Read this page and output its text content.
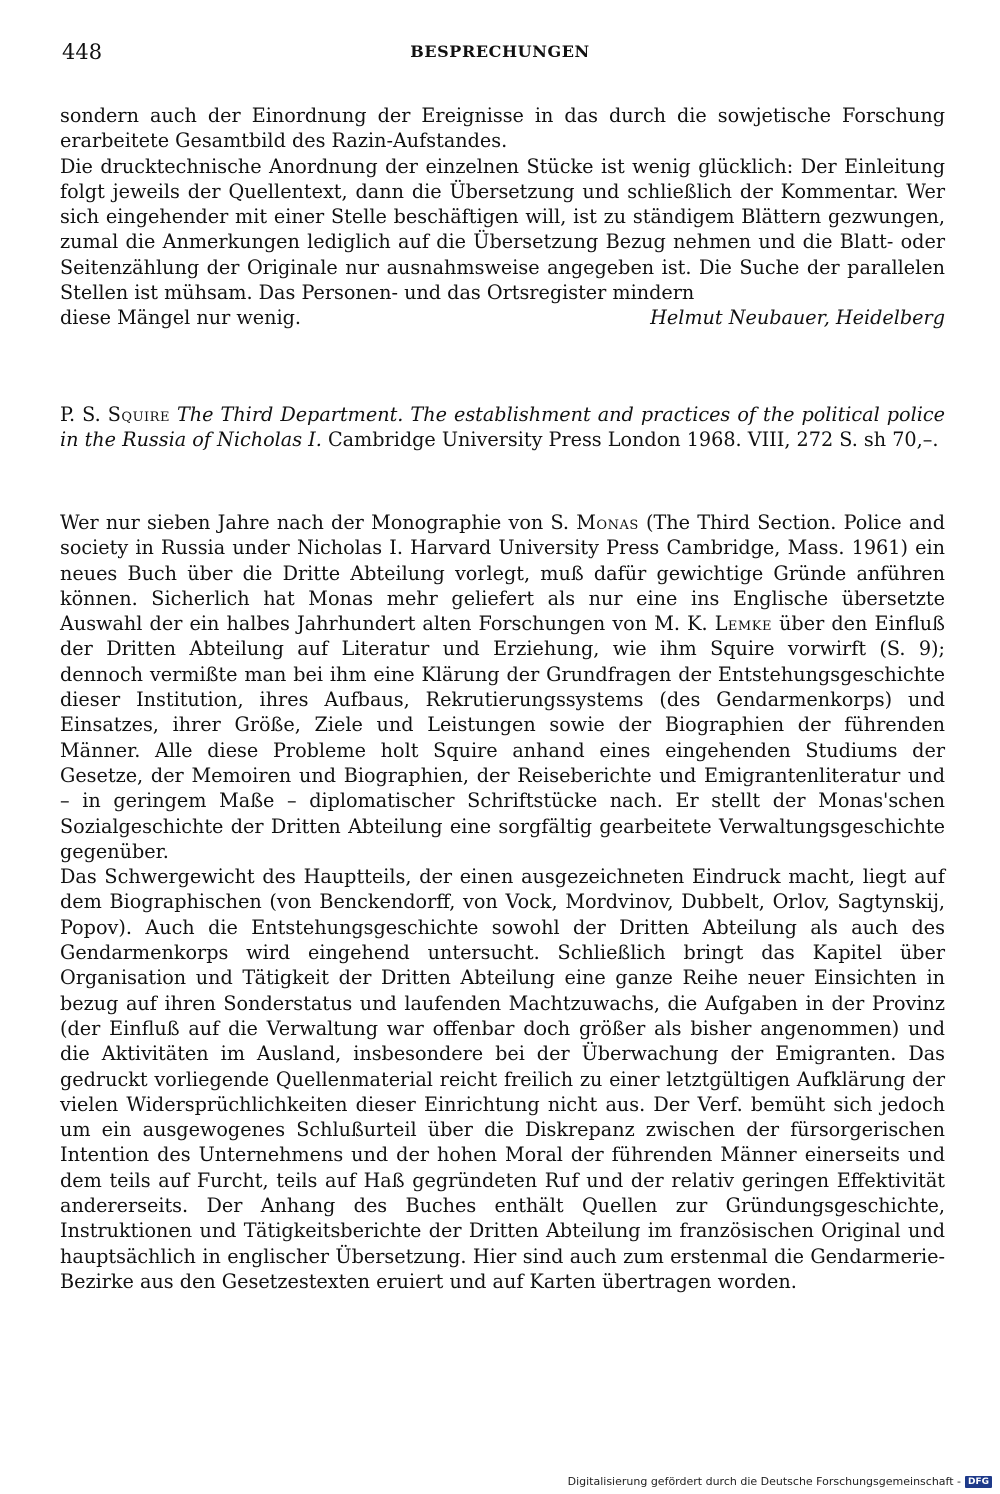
448	BESPRECHUNGEN

sondern auch der Einordnung der Ereignisse in das durch die sowjetische Forschung erarbeitete Gesamtbild des Razin-Aufstandes.

Die drucktechnische Anordnung der einzelnen Stücke ist wenig glücklich: Der Einleitung folgt jeweils der Quellentext, dann die Übersetzung und schließlich der Kommentar. Wer sich eingehender mit einer Stelle beschäftigen will, ist zu ständigem Blättern gezwungen, zumal die Anmerkungen lediglich auf die Übersetzung Bezug nehmen und die Blatt- oder Seitenzählung der Originale nur ausnahmsweise angegeben ist. Die Suche der parallelen Stellen ist mühsam. Das Personen- und das Ortsregister mindern

diese Mängel nur wenig.	Helmut Neubauer, Heidelberg
P. S. Squire The Third Department. The establishment and practices of the political police in the Russia of Nicholas I. Cambridge University Press London 1968. VIII, 272 S. sh 70,–.

Wer nur sieben Jahre nach der Monographie von S. Monas (The Third Section. Police and society in Russia under Nicholas I. Harvard University Press Cambridge, Mass. 1961) ein neues Buch über die Dritte Abteilung vorlegt, muß dafür gewichtige Gründe anführen können. Sicherlich hat Monas mehr geliefert als nur eine ins Englische übersetzte Auswahl der ein halbes Jahrhundert alten Forschungen von M. K. Lemke über den Einfluß der Dritten Abteilung auf Literatur und Erziehung, wie ihm Squire vorwirft (S. 9); dennoch vermißte man bei ihm eine Klärung der Grundfragen der Entstehungsgeschichte dieser Institution, ihres Aufbaus, Rekrutierungssystems (des Gendarmenkorps) und Einsatzes, ihrer Größe, Ziele und Leistungen sowie der Biographien der führenden Männer. Alle diese Probleme holt Squire anhand eines eingehenden Studiums der Gesetze, der Memoiren und Biographien, der Reiseberichte und Emigrantenliteratur und – in geringem Maße – diplomatischer Schriftstücke nach. Er stellt der Monas'schen Sozialgeschichte der Dritten Abteilung eine sorgfältig gearbeitete Verwaltungsgeschichte gegenüber.

Das Schwergewicht des Hauptteils, der einen ausgezeichneten Eindruck macht, liegt auf dem Biographischen (von Benckendorff, von Vock, Mordvinov, Dubbelt, Orlov, Sagtynskij, Popov). Auch die Entstehungsgeschichte sowohl der Dritten Abteilung als auch des Gendarmenkorps wird eingehend untersucht. Schließlich bringt das Kapitel über Organisation und Tätigkeit der Dritten Abteilung eine ganze Reihe neuer Einsichten in bezug auf ihren Sonderstatus und laufenden Machtzuwachs, die Aufgaben in der Provinz (der Einfluß auf die Verwaltung war offenbar doch größer als bisher angenommen) und die Aktivitäten im Ausland, insbesondere bei der Überwachung der Emigranten. Das gedruckt vorliegende Quellenmaterial reicht freilich zu einer letztgültigen Aufklärung der vielen Widersprüchlichkeiten dieser Einrichtung nicht aus. Der Verf. bemüht sich jedoch um ein ausgewogenes Schlußurteil über die Diskrepanz zwischen der fürsorgerischen Intention des Unternehmens und der hohen Moral der führenden Männer einerseits und dem teils auf Furcht, teils auf Haß gegründeten Ruf und der relativ geringen Effektivität andererseits. Der Anhang des Buches enthält Quellen zur Gründungsgeschichte, Instruktionen und Tätigkeitsberichte der Dritten Abteilung im französischen Original und hauptsächlich in englischer Übersetzung. Hier sind auch zum erstenmal die Gendarmerie-Bezirke aus den Gesetzestexten eruiert und auf Karten übertragen worden.

Digitalisierung gefördert durch die Deutsche Forschungsgemeinschaft - DFG
